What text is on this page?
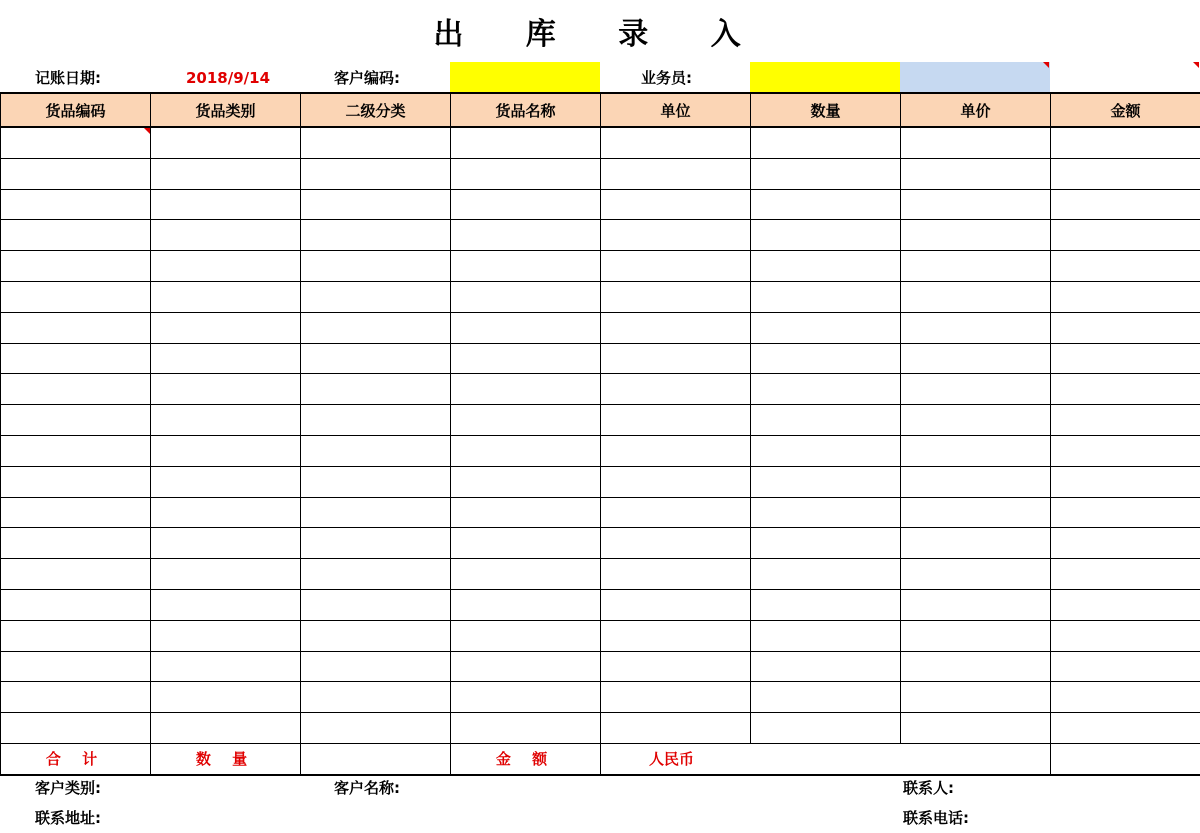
出 库 录 入
记账日期:	2018/9/14	客户编码:	业务员:
货品编码	货品类别	二级分类	货品名称	单位	数量	单价	金额

合 计	数 量		金 额	人民币			
客户类别:	客户名称:	联系人:
联系地址:	联系电话:
